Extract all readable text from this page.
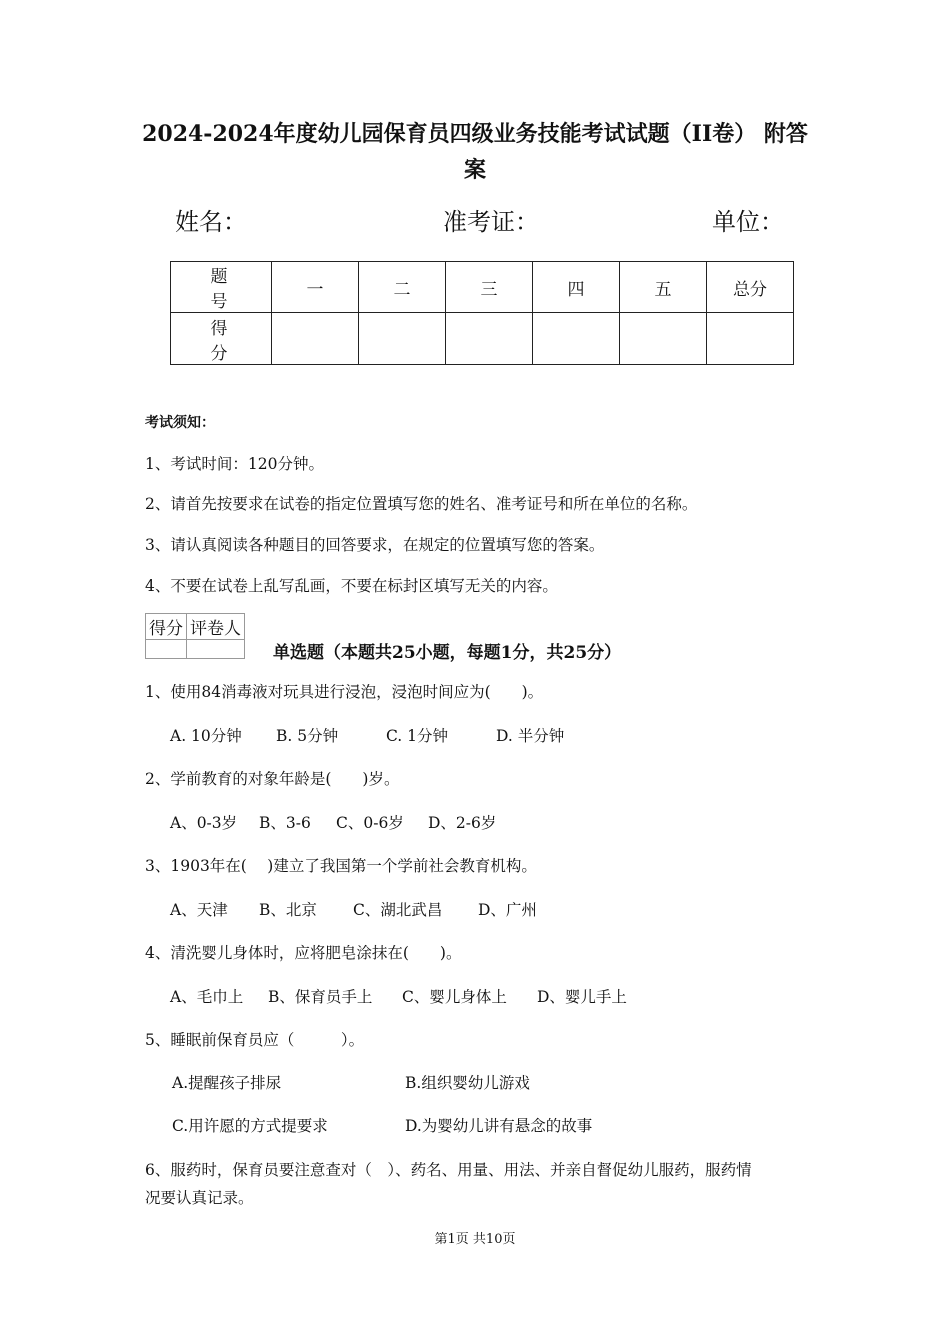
2024-2024年度幼儿园保育员四级业务技能考试试题（II卷） 附答
案
姓名：	准考证：	单位：
题 号	一	二	三	四	五	总分
得 分						
考试须知：
1、考试时间：120分钟。
2、请首先按要求在试卷的指定位置填写您的姓名、准考证号和所在单位的名称。
3、请认真阅读各种题目的回答要求，在规定的位置填写您的答案。
4、不要在试卷上乱写乱画，不要在标封区填写无关的内容。
得分	评卷人

单选题（本题共25小题，每题1分，共25分）
1、使用84消毒液对玩具进行浸泡，浸泡时间应为(　　)。
A. 10分钟 B. 5分钟	C. 1分钟	D. 半分钟
2、学前教育的对象年龄是(　　)岁。
A、0-3岁 B、3-6 C、0-6岁 D、2-6岁
3、1903年在(　 )建立了我国第一个学前社会教育机构。
A、天津 B、北京 C、湖北武昌 D、广州
4、清洗婴儿身体时，应将肥皂涂抹在(　　)。
A、毛巾上 B、保育员手上 C、婴儿身体上 D、婴儿手上
5、睡眠前保育员应（　　　）。
A.提醒孩子排尿	B.组织婴幼儿游戏
C.用许愿的方式提要求	D.为婴幼儿讲有悬念的故事
6、服药时，保育员要注意查对（　）、药名、用量、用法、并亲自督促幼儿服药，服药情
况要认真记录。
第1页 共10页
